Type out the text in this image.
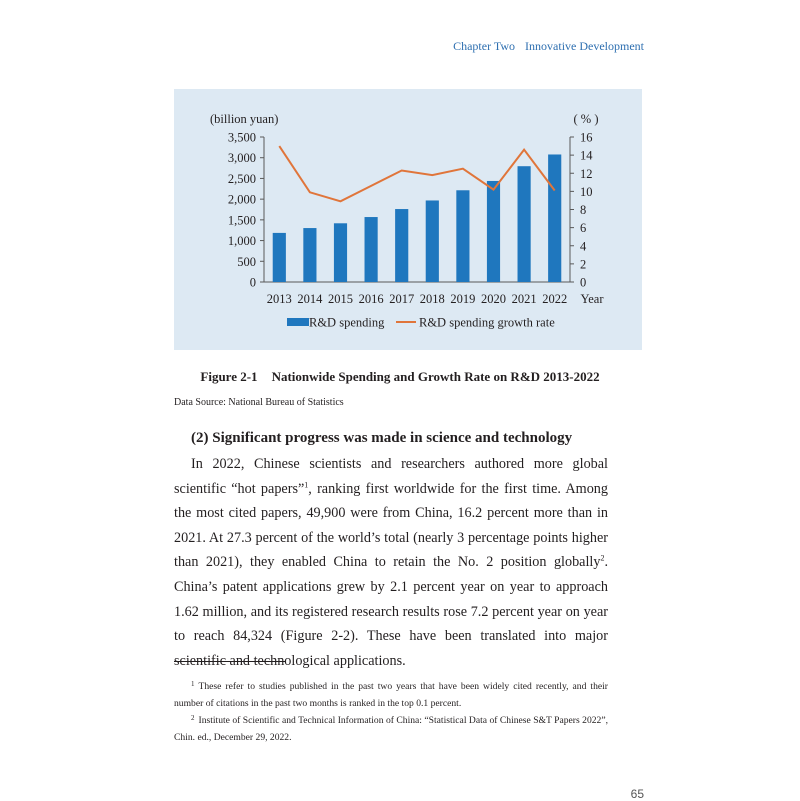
Chapter Two Innovative Development
0
500
1,000
1,500
2,000
2,500
3,000
3,500
0
2
4
6
8
10
12
14
16
(billion yuan)	( % )
2013 2014 2015 2016 2017 2018 2019 2020 2021 2022 Year
R&D spending	R&D spending growth rate
Figure 2-1 Nationwide Spending and Growth Rate on R&D 2013-2022
Data Source: National Bureau of Statistics
(2) Significant progress was made in science and technology
In 2022, Chinese scientists and researchers authored more global scientific “hot papers”$^1$, ranking first worldwide for the first time. Among the most cited papers, 49,900 were from China, 16.2 percent more than in 2021. At 27.3 percent of the world’s total (nearly 3 percentage points higher than 2021), they enabled China to retain the No. 2 position globally$^2$. China’s patent applications grew by 2.1 percent year on year to approach 1.62 million, and its registered research results rose 7.2 percent year on year to reach 84,324 (Figure 2-2). These have been translated into major scientific and technological applications.
$^1$ These refer to studies published in the past two years that have been widely cited recently, and their number of citations in the past two months is ranked in the top 0.1 percent.
$^2$ Institute of Scientific and Technical Information of China: “Statistical Data of Chinese S&T Papers 2022”, Chin. ed., December 29, 2022.
65
